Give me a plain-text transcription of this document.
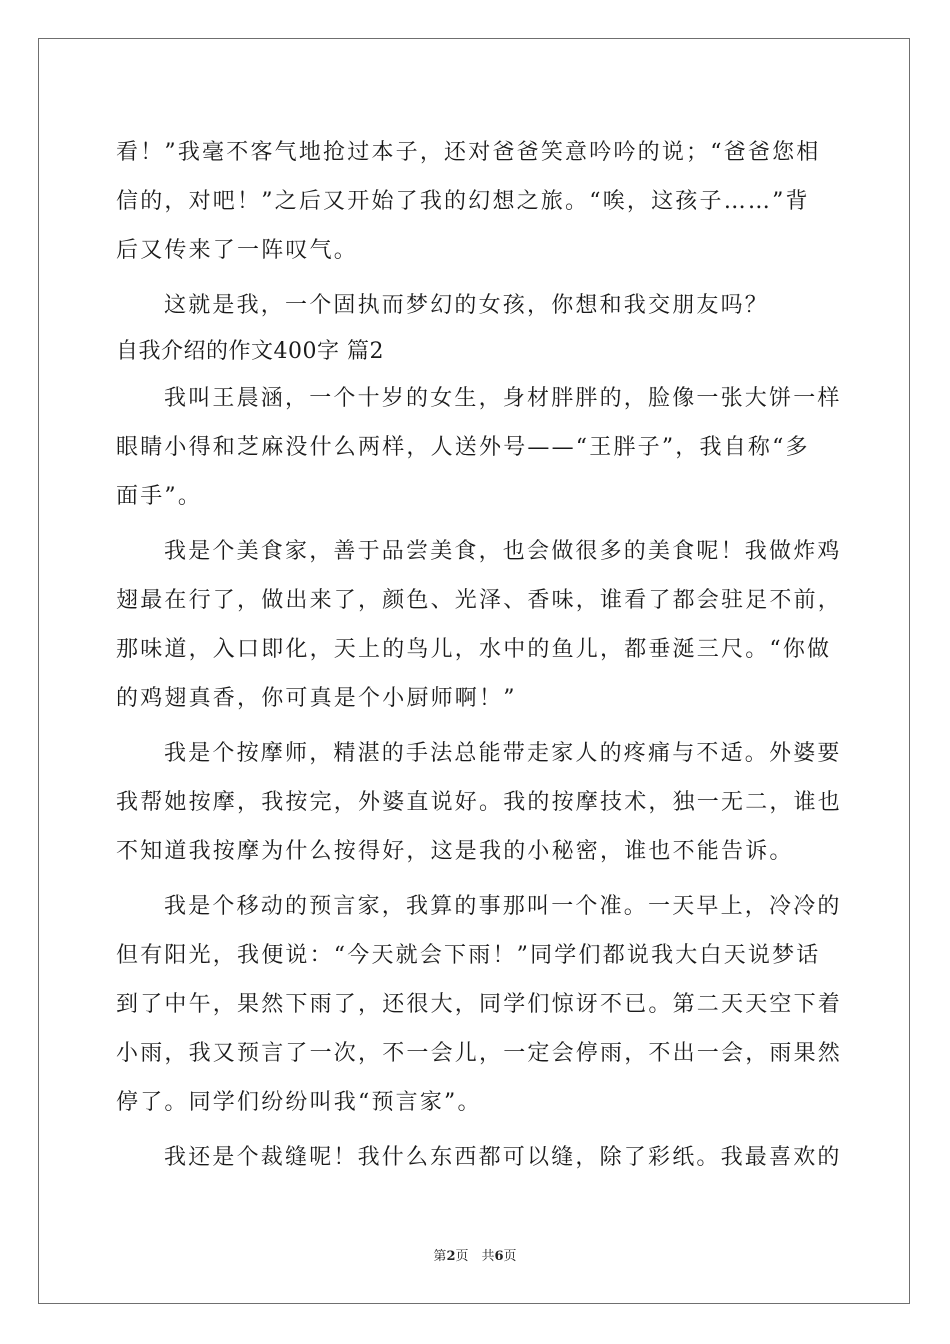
看！”我毫不客气地抢过本子，还对爸爸笑意吟吟的说；“爸爸您相
信的，对吧！”之后又开始了我的幻想之旅。“唉，这孩子……”背
后又传来了一阵叹气。
这就是我，一个固执而梦幻的女孩，你想和我交朋友吗？
自我介绍的作文400字 篇2
我叫王晨涵，一个十岁的女生，身材胖胖的，脸像一张大饼一样
眼睛小得和芝麻没什么两样，人送外号——“王胖子”，我自称“多
面手”。
我是个美食家，善于品尝美食，也会做很多的美食呢！我做炸鸡
翅最在行了，做出来了，颜色、光泽、香味，谁看了都会驻足不前，
那味道，入口即化，天上的鸟儿，水中的鱼儿，都垂涎三尺。“你做
的鸡翅真香，你可真是个小厨师啊！”
我是个按摩师，精湛的手法总能带走家人的疼痛与不适。外婆要
我帮她按摩，我按完，外婆直说好。我的按摩技术，独一无二，谁也
不知道我按摩为什么按得好，这是我的小秘密，谁也不能告诉。
我是个移动的预言家，我算的事那叫一个准。一天早上，冷冷的
但有阳光，我便说：“今天就会下雨！”同学们都说我大白天说梦话
到了中午，果然下雨了，还很大，同学们惊讶不已。第二天天空下着
小雨，我又预言了一次，不一会儿，一定会停雨，不出一会，雨果然
停了。同学们纷纷叫我“预言家”。
我还是个裁缝呢！我什么东西都可以缝，除了彩纸。我最喜欢的
第2页　共6页
